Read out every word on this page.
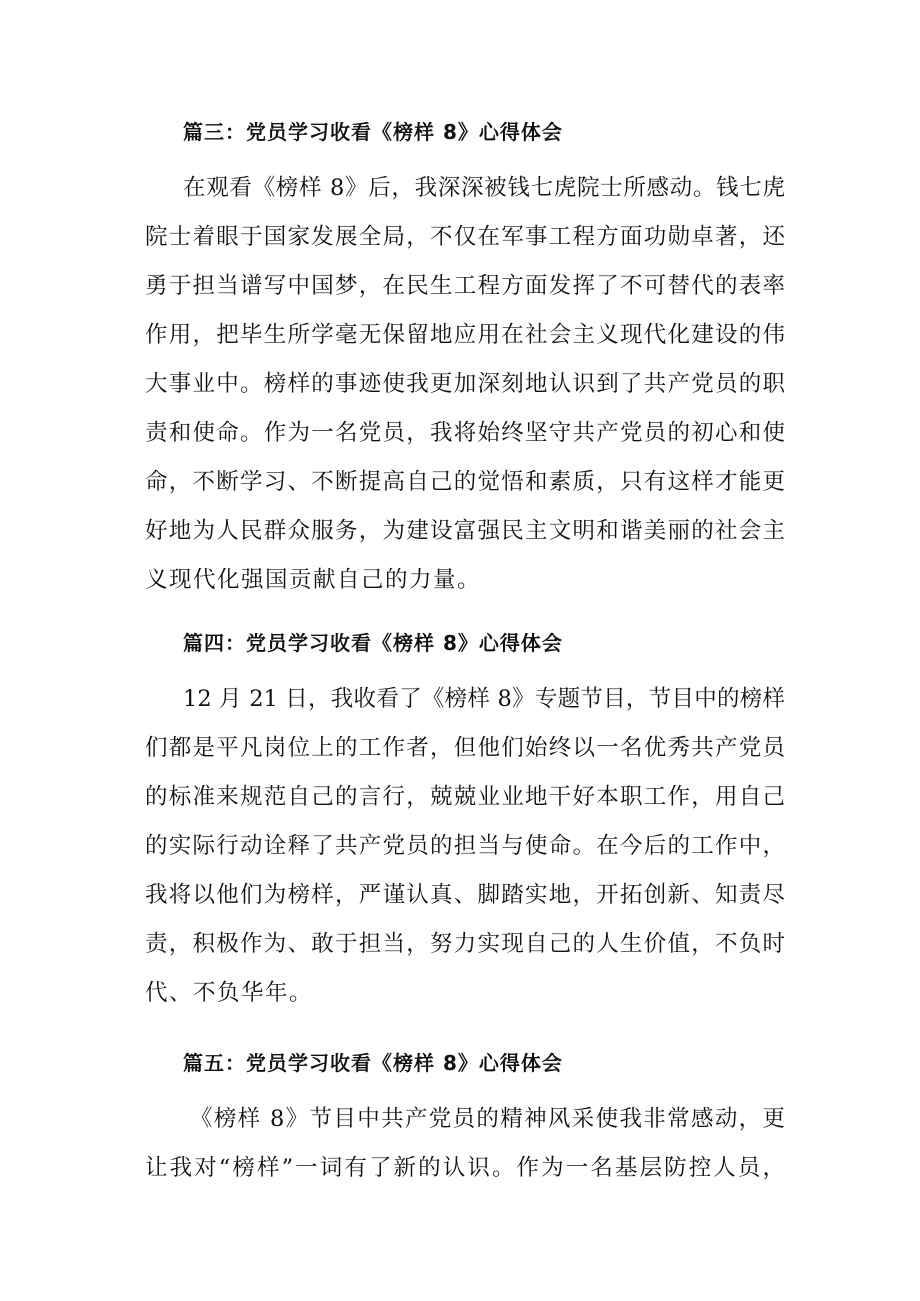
篇三：党员学习收看《榜样 8》心得体会
在观看《榜样 8》后，我深深被钱七虎院士所感动。钱七虎
院士着眼于国家发展全局，不仅在军事工程方面功勋卓著，还
勇于担当谱写中国梦，在民生工程方面发挥了不可替代的表率
作用，把毕生所学毫无保留地应用在社会主义现代化建设的伟
大事业中。榜样的事迹使我更加深刻地认识到了共产党员的职
责和使命。作为一名党员，我将始终坚守共产党员的初心和使
命，不断学习、不断提高自己的觉悟和素质，只有这样才能更
好地为人民群众服务，为建设富强民主文明和谐美丽的社会主
义现代化强国贡献自己的力量。
篇四：党员学习收看《榜样 8》心得体会
12 月 21 日，我收看了《榜样 8》专题节目，节目中的榜样
们都是平凡岗位上的工作者，但他们始终以一名优秀共产党员
的标准来规范自己的言行，兢兢业业地干好本职工作，用自己
的实际行动诠释了共产党员的担当与使命。在今后的工作中，
我将以他们为榜样，严谨认真、脚踏实地，开拓创新、知责尽
责，积极作为、敢于担当，努力实现自己的人生价值，不负时
代、不负华年。
篇五：党员学习收看《榜样 8》心得体会
《榜样 8》节目中共产党员的精神风采使我非常感动，更
让我对“榜样”一词有了新的认识。作为一名基层防控人员，
